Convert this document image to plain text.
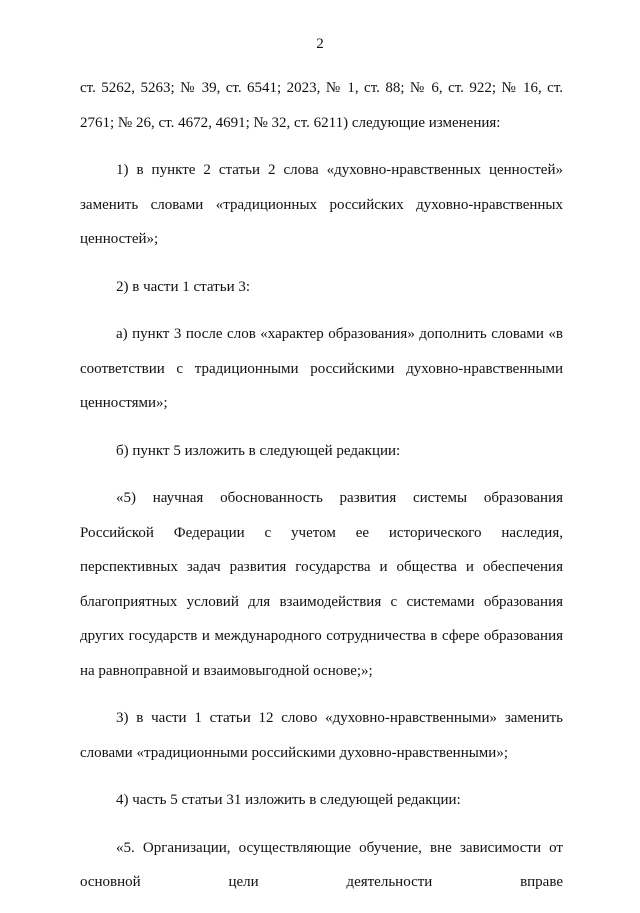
2

ст. 5262, 5263; № 39, ст. 6541; 2023, № 1, ст. 88; № 6, ст. 922; № 16, ст. 2761; № 26, ст. 4672, 4691; № 32, ст. 6211) следующие изменения:

1) в пункте 2 статьи 2 слова «духовно-нравственных ценностей» заменить словами «традиционных российских духовно-нравственных ценностей»;

2) в части 1 статьи 3:

а) пункт 3 после слов «характер образования» дополнить словами «в соответствии с традиционными российскими духовно-нравственными ценностями»;

б) пункт 5 изложить в следующей редакции:

«5) научная обоснованность развития системы образования Российской Федерации с учетом ее исторического наследия, перспективных задач развития государства и общества и обеспечения благоприятных условий для взаимодействия с системами образования других государств и международного сотрудничества в сфере образования на равноправной и взаимовыгодной основе;»;

3) в части 1 статьи 12 слово «духовно-нравственными» заменить словами «традиционными российскими духовно-нравственными»;

4) часть 5 статьи 31 изложить в следующей редакции:

«5. Организации, осуществляющие обучение, вне зависимости от основной цели деятельности вправе
